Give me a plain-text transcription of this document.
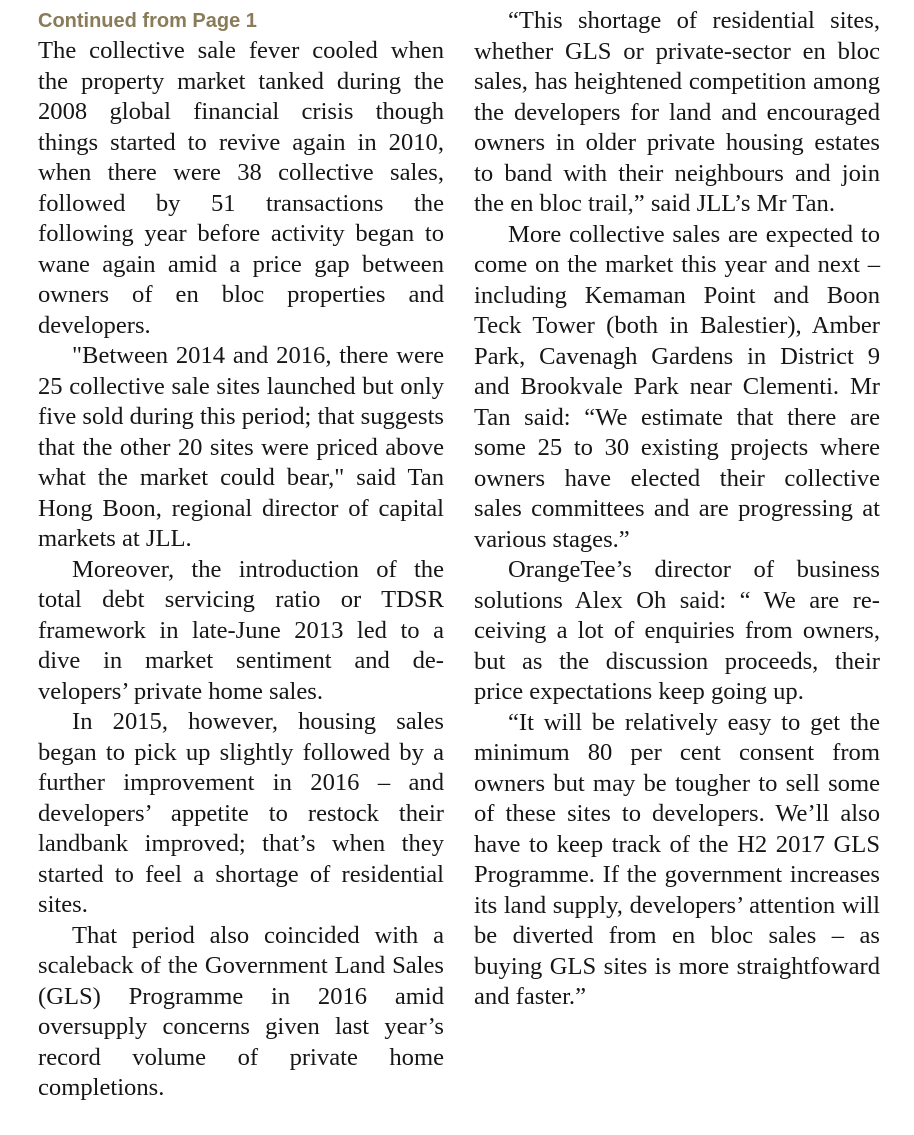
Continued from Page 1

The collective sale fever cooled when the property market tanked during the 2008 global financial crisis though things started to revive again in 2010, when there were 38 collective sales, followed by 51 transactions the following year before activity began to wane again amid a price gap between owners of en bloc properties and developers.

"Between 2014 and 2016, there were 25 collective sale sites launched but only five sold during this period; that suggests that the other 20 sites were priced above what the market could bear," said Tan Hong Boon, regional director of capital markets at JLL.

Moreover, the introduction of the total debt servicing ratio or TDSR framework in late-June 2013 led to a dive in market sentiment and developers’ private home sales.

In 2015, however, housing sales began to pick up slightly followed by a further improvement in 2016 – and developers’ appetite to restock their landbank improved; that’s when they started to feel a shortage of residential sites.

That period also coincided with a scaleback of the Government Land Sales (GLS) Programme in 2016 amid oversupply concerns given last year’s record volume of private home completions.

“This shortage of residential sites, whether GLS or private-sector en bloc sales, has heightened competition among the developers for land and encouraged owners in older private housing estates to band with their neighbours and join the en bloc trail,” said JLL’s Mr Tan.

More collective sales are expected to come on the market this year and next – including Kemaman Point and Boon Teck Tower (both in Balestier), Amber Park, Cavenagh Gardens in District 9 and Brookvale Park near Clementi. Mr Tan said: “We estimate that there are some 25 to 30 existing projects where owners have elected their collective sales committees and are progressing at various stages.”

OrangeTee’s director of business solutions Alex Oh said: “ We are receiving a lot of enquiries from owners, but as the discussion proceeds, their price expectations keep going up.

“It will be relatively easy to get the minimum 80 per cent consent from owners but may be tougher to sell some of these sites to developers. We’ll also have to keep track of the H2 2017 GLS Programme. If the government increases its land supply, developers’ attention will be diverted from en bloc sales – as buying GLS sites is more straightfoward and faster.”
